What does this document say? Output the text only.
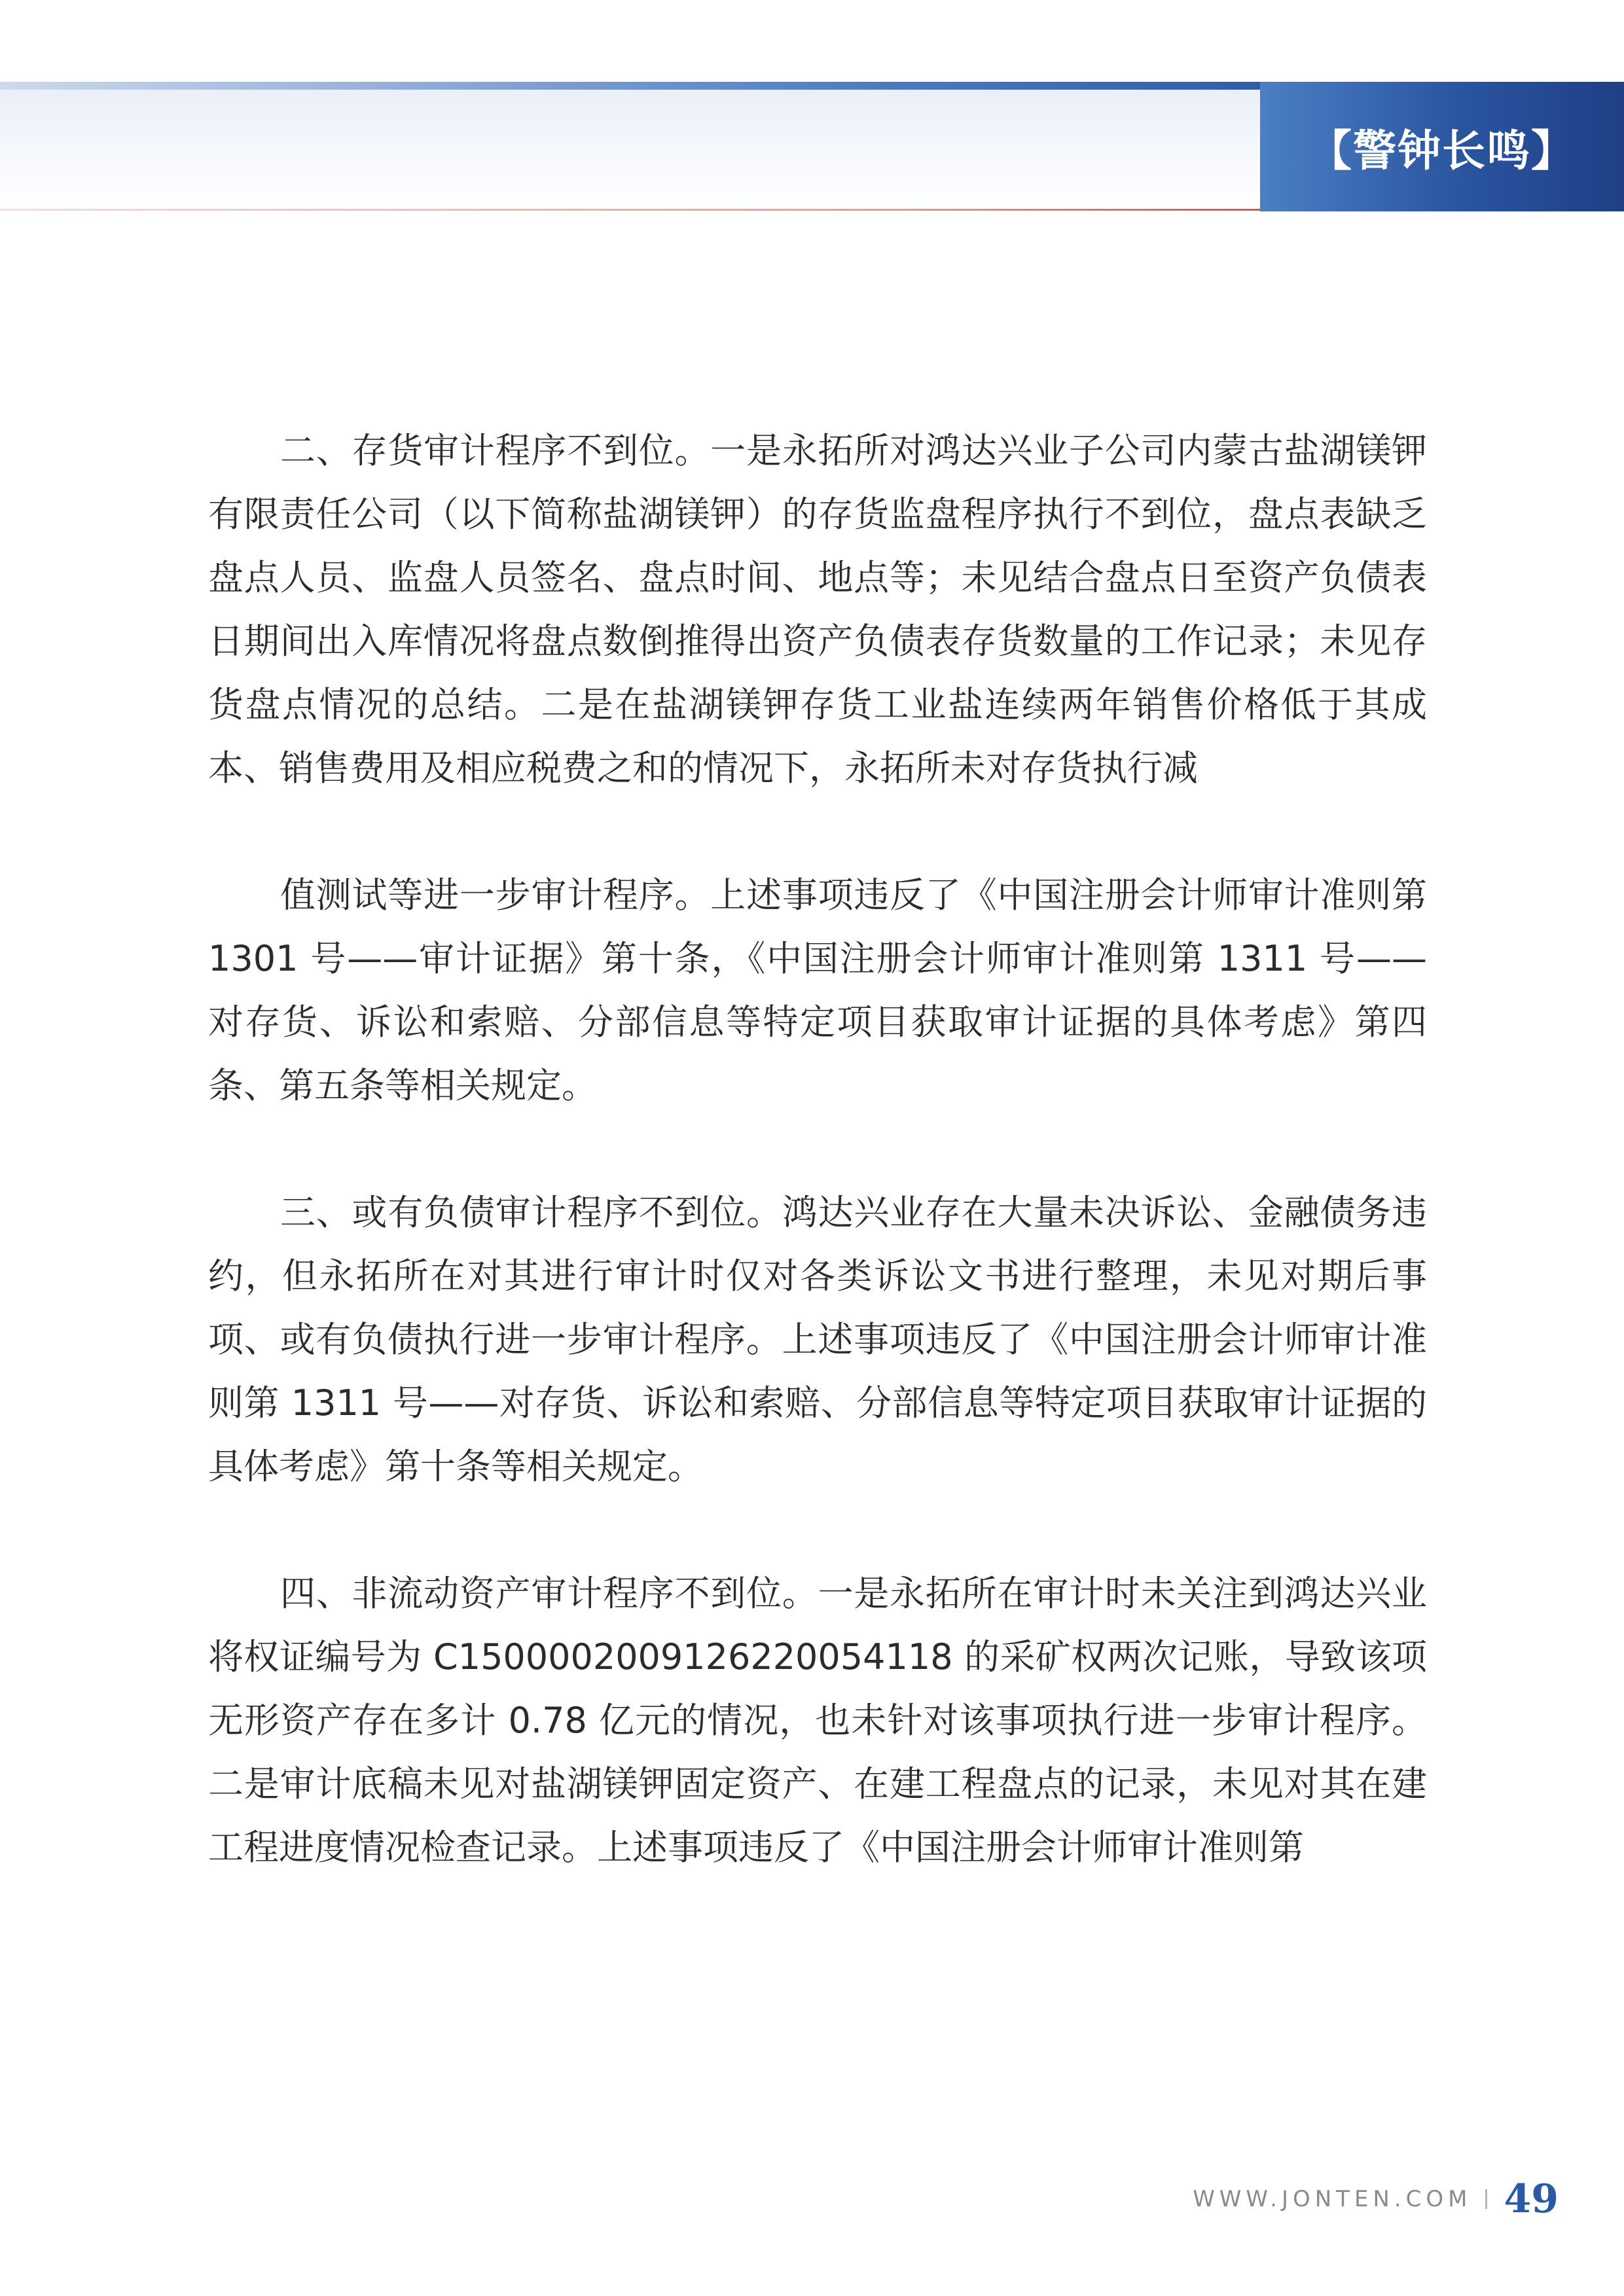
【警钟长鸣】

二、存货审计程序不到位。一是永拓所对鸿达兴业子公司内蒙古盐湖镁钾有限责任公司（以下简称盐湖镁钾）的存货监盘程序执行不到位，盘点表缺乏盘点人员、监盘人员签名、盘点时间、地点等；未见结合盘点日至资产负债表日期间出入库情况将盘点数倒推得出资产负债表存货数量的工作记录；未见存货盘点情况的总结。二是在盐湖镁钾存货工业盐连续两年销售价格低于其成本、销售费用及相应税费之和的情况下，永拓所未对存货执行减

值测试等进一步审计程序。上述事项违反了《中国注册会计师审计准则第 1301 号——审计证据》第十条，《中国注册会计师审计准则第 1311 号——对存货、诉讼和索赔、分部信息等特定项目获取审计证据的具体考虑》第四条、第五条等相关规定。

三、或有负债审计程序不到位。鸿达兴业存在大量未决诉讼、金融债务违约，但永拓所在对其进行审计时仅对各类诉讼文书进行整理，未见对期后事项、或有负债执行进一步审计程序。上述事项违反了《中国注册会计师审计准则第 1311 号——对存货、诉讼和索赔、分部信息等特定项目获取审计证据的具体考虑》第十条等相关规定。

四、非流动资产审计程序不到位。一是永拓所在审计时未关注到鸿达兴业将权证编号为 C1500002009126220054118 的采矿权两次记账，导致该项无形资产存在多计 0.78 亿元的情况，也未针对该事项执行进一步审计程序。二是审计底稿未见对盐湖镁钾固定资产、在建工程盘点的记录，未见对其在建工程进度情况检查记录。上述事项违反了《中国注册会计师审计准则第

WWW.JONTEN.COM 49
